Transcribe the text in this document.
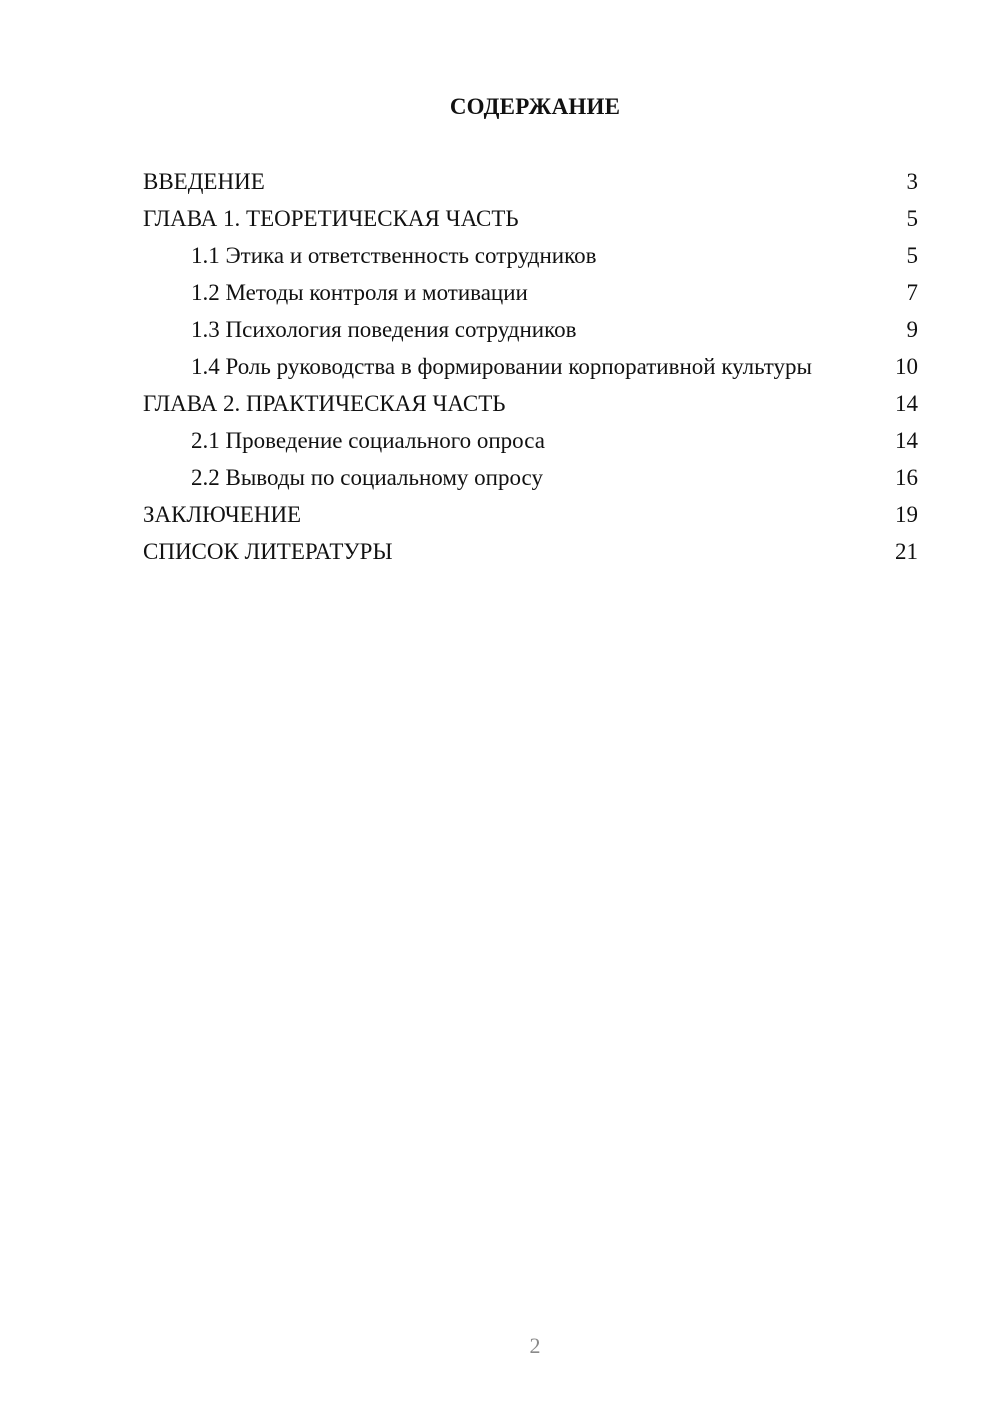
СОДЕРЖАНИЕ
ВВЕДЕНИЕ	3
ГЛАВА 1. ТЕОРЕТИЧЕСКАЯ ЧАСТЬ	5
1.1 Этика и ответственность сотрудников	5
1.2 Методы контроля и мотивации	7
1.3 Психология поведения сотрудников	9
1.4 Роль руководства в формировании корпоративной культуры	10
ГЛАВА 2. ПРАКТИЧЕСКАЯ ЧАСТЬ	14
2.1 Проведение социального опроса	14
2.2 Выводы по социальному опросу	16
ЗАКЛЮЧЕНИЕ	19
СПИСОК ЛИТЕРАТУРЫ	21
2
